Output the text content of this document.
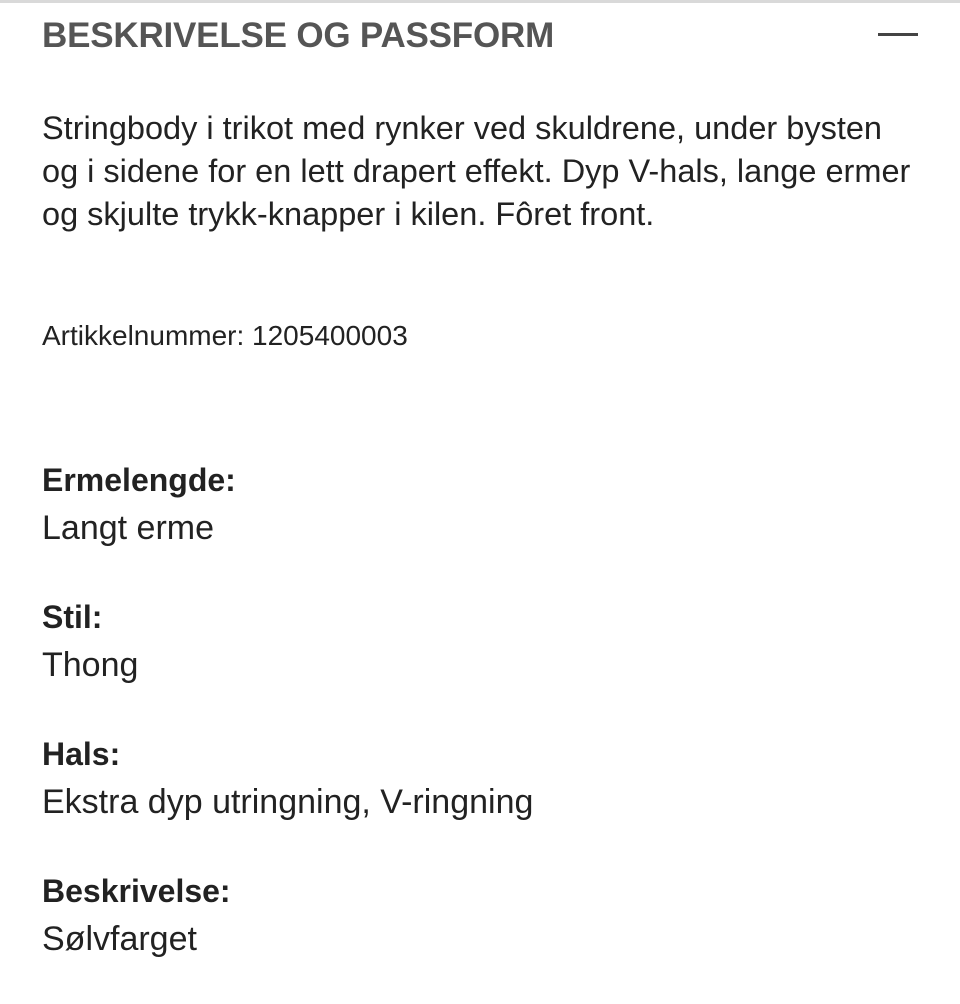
BESKRIVELSE OG PASSFORM

Stringbody i trikot med rynker ved skuldrene, under bysten og i sidene for en lett drapert effekt. Dyp V-hals, lange ermer og skjulte trykk-knapper i kilen. Fôret front.

Artikkelnummer: 1205400003
Ermelengde:
Langt erme
Stil:
Thong
Hals:
Ekstra dyp utringning, V-ringning
Beskrivelse:
Sølvfarget
